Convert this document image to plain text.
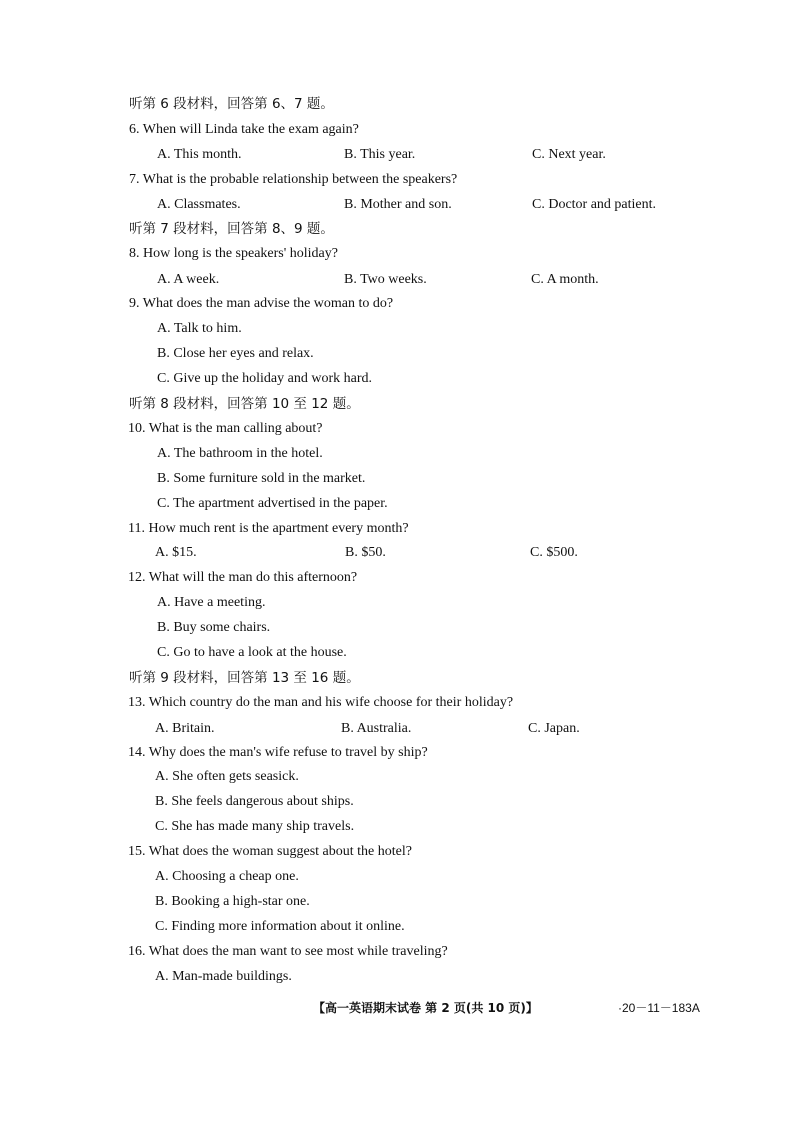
听第 6 段材料，回答第 6、7 题。
6. When will Linda take the exam again?
A. This month.	B. This year.	C. Next year.
7. What is the probable relationship between the speakers?
A. Classmates.	B. Mother and son.	C. Doctor and patient.
听第 7 段材料，回答第 8、9 题。
8. How long is the speakers' holiday?
A. A week.	B. Two weeks.	C. A month.
9. What does the man advise the woman to do?
A. Talk to him.
B. Close her eyes and relax.
C. Give up the holiday and work hard.
听第 8 段材料，回答第 10 至 12 题。
10. What is the man calling about?
A. The bathroom in the hotel.
B. Some furniture sold in the market.
C. The apartment advertised in the paper.
11. How much rent is the apartment every month?
A. $15.	B. $50.	C. $500.
12. What will the man do this afternoon?
A. Have a meeting.
B. Buy some chairs.
C. Go to have a look at the house.
听第 9 段材料，回答第 13 至 16 题。
13. Which country do the man and his wife choose for their holiday?
A. Britain.	B. Australia.	C. Japan.
14. Why does the man's wife refuse to travel by ship?
A. She often gets seasick.
B. She feels dangerous about ships.
C. She has made many ship travels.
15. What does the woman suggest about the hotel?
A. Choosing a cheap one.
B. Booking a high-star one.
C. Finding more information about it online.
16. What does the man want to see most while traveling?
A. Man-made buildings.
【高一英语期末试卷 第 2 页(共 10 页)】	·20－11－183A
